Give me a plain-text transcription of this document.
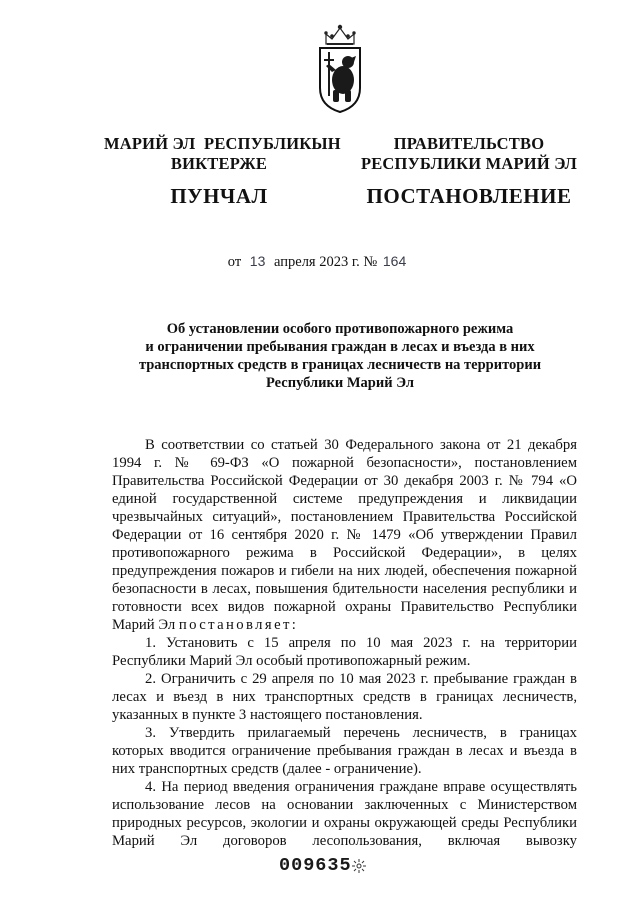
МАРИЙ ЭЛ  РЕСПУБЛИКЫН
ВИКТЕРЖЕ
ПУНЧАЛ
ПРАВИТЕЛЬСТВО
РЕСПУБЛИКИ МАРИЙ ЭЛ
ПОСТАНОВЛЕНИЕ
от 13 апреля 2023 г. № 164
Об установлении особого противопожарного режима
и ограничении пребывания граждан в лесах и въезда в них
транспортных средств в границах лесничеств на территории
Республики Марий Эл

В соответствии со статьей 30 Федерального закона от 21 декабря 1994 г. № 69-ФЗ «О пожарной безопасности», постановлением Правительства Российской Федерации от 30 декабря 2003 г. № 794 «О единой государственной системе предупреждения и ликвидации чрезвычайных ситуаций», постановлением Правительства Российской Федерации от 16 сентября 2020 г. № 1479 «Об утверждении Правил противопожарного режима в Российской Федерации», в целях предупреждения пожаров и гибели на них людей, обеспечения пожарной безопасности в лесах, повышения бдительности населения республики и готовности всех видов пожарной охраны Правительство Республики Марий Эл постановляет:

1. Установить с 15 апреля по 10 мая 2023 г. на территории Республики Марий Эл особый противопожарный режим.

2. Ограничить с 29 апреля по 10 мая 2023 г. пребывание граждан в лесах и въезд в них транспортных средств в границах лесничеств, указанных в пункте 3 настоящего постановления.

3. Утвердить прилагаемый перечень лесничеств, в границах которых вводится ограничение пребывания граждан в лесах и въезда в них транспортных средств (далее - ограничение).

4. На период введения ограничения граждане вправе осуществлять использование лесов на основании заключенных с Министерством природных ресурсов, экологии и охраны окружающей среды Республики Марий Эл договоров лесопользования, включая вывозку

009635
